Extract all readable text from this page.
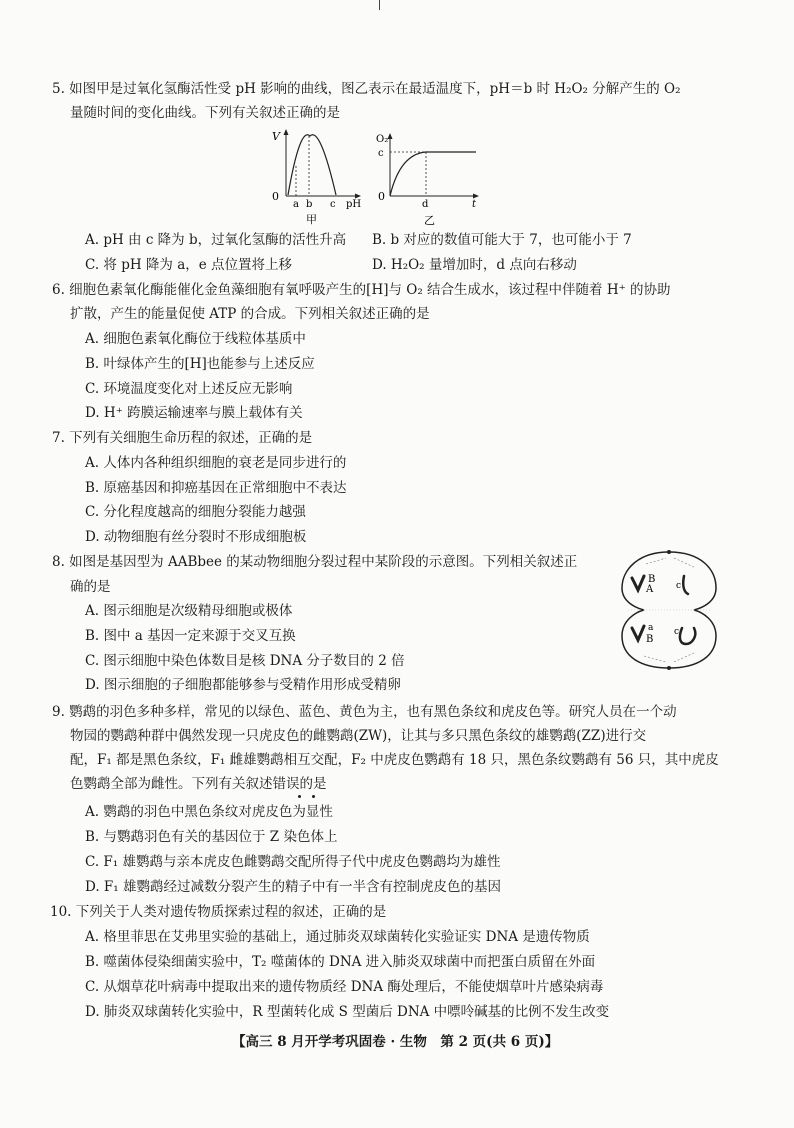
5. 如图甲是过氧化氢酶活性受 pH 影响的曲线，图乙表示在最适温度下，pH＝b 时 H₂O₂ 分解产生的 O₂
量随时间的变化曲线。下列有关叙述正确的是
V
0
a b c pH
甲
O₂
c
0
d	t
乙
A. pH 由 c 降为 b，过氧化氢酶的活性升高 B. b 对应的数值可能大于 7，也可能小于 7
C. 将 pH 降为 a，e 点位置将上移	D. H₂O₂ 量增加时，d 点向右移动
6. 细胞色素氧化酶能催化金鱼藻细胞有氧呼吸产生的[H]与 O₂ 结合生成水，该过程中伴随着 H⁺ 的协助
扩散，产生的能量促使 ATP 的合成。下列相关叙述正确的是
A. 细胞色素氧化酶位于线粒体基质中
B. 叶绿体产生的[H]也能参与上述反应
C. 环境温度变化对上述反应无影响
D. H⁺ 跨膜运输速率与膜上载体有关
7. 下列有关细胞生命历程的叙述，正确的是
A. 人体内各种组织细胞的衰老是同步进行的
B. 原癌基因和抑癌基因在正常细胞中不表达
C. 分化程度越高的细胞分裂能力越强
D. 动物细胞有丝分裂时不形成细胞板
8. 如图是基因型为 AABbee 的某动物细胞分裂过程中某阶段的示意图。下列相关叙述正
确的是
A. 图示细胞是次级精母细胞或极体
B. 图中 a 基因一定来源于交叉互换
C. 图示细胞中染色体数目是核 DNA 分子数目的 2 倍
D. 图示细胞的子细胞都能够参与受精作用形成受精卵
B
A	c
a
B
c
9. 鹦鹉的羽色多种多样，常见的以绿色、蓝色、黄色为主，也有黑色条纹和虎皮色等。研究人员在一个动
物园的鹦鹉种群中偶然发现一只虎皮色的雌鹦鹉(ZW)，让其与多只黑色条纹的雄鹦鹉(ZZ)进行交
配，F₁ 都是黑色条纹，F₁ 雌雄鹦鹉相互交配，F₂ 中虎皮色鹦鹉有 18 只，黑色条纹鹦鹉有 56 只，其中虎皮
色鹦鹉全部为雌性。下列有关叙述错误的是
A. 鹦鹉的羽色中黑色条纹对虎皮色为显性
B. 与鹦鹉羽色有关的基因位于 Z 染色体上
C. F₁ 雄鹦鹉与亲本虎皮色雌鹦鹉交配所得子代中虎皮色鹦鹉均为雄性
D. F₁ 雄鹦鹉经过减数分裂产生的精子中有一半含有控制虎皮色的基因
10. 下列关于人类对遗传物质探索过程的叙述，正确的是
A. 格里菲思在艾弗里实验的基础上，通过肺炎双球菌转化实验证实 DNA 是遗传物质
B. 噬菌体侵染细菌实验中，T₂ 噬菌体的 DNA 进入肺炎双球菌中而把蛋白质留在外面
C. 从烟草花叶病毒中提取出来的遗传物质经 DNA 酶处理后，不能使烟草叶片感染病毒
D. 肺炎双球菌转化实验中，R 型菌转化成 S 型菌后 DNA 中嘌呤碱基的比例不发生改变
【高三 8 月开学考巩固卷 · 生物　第 2 页(共 6 页)】
